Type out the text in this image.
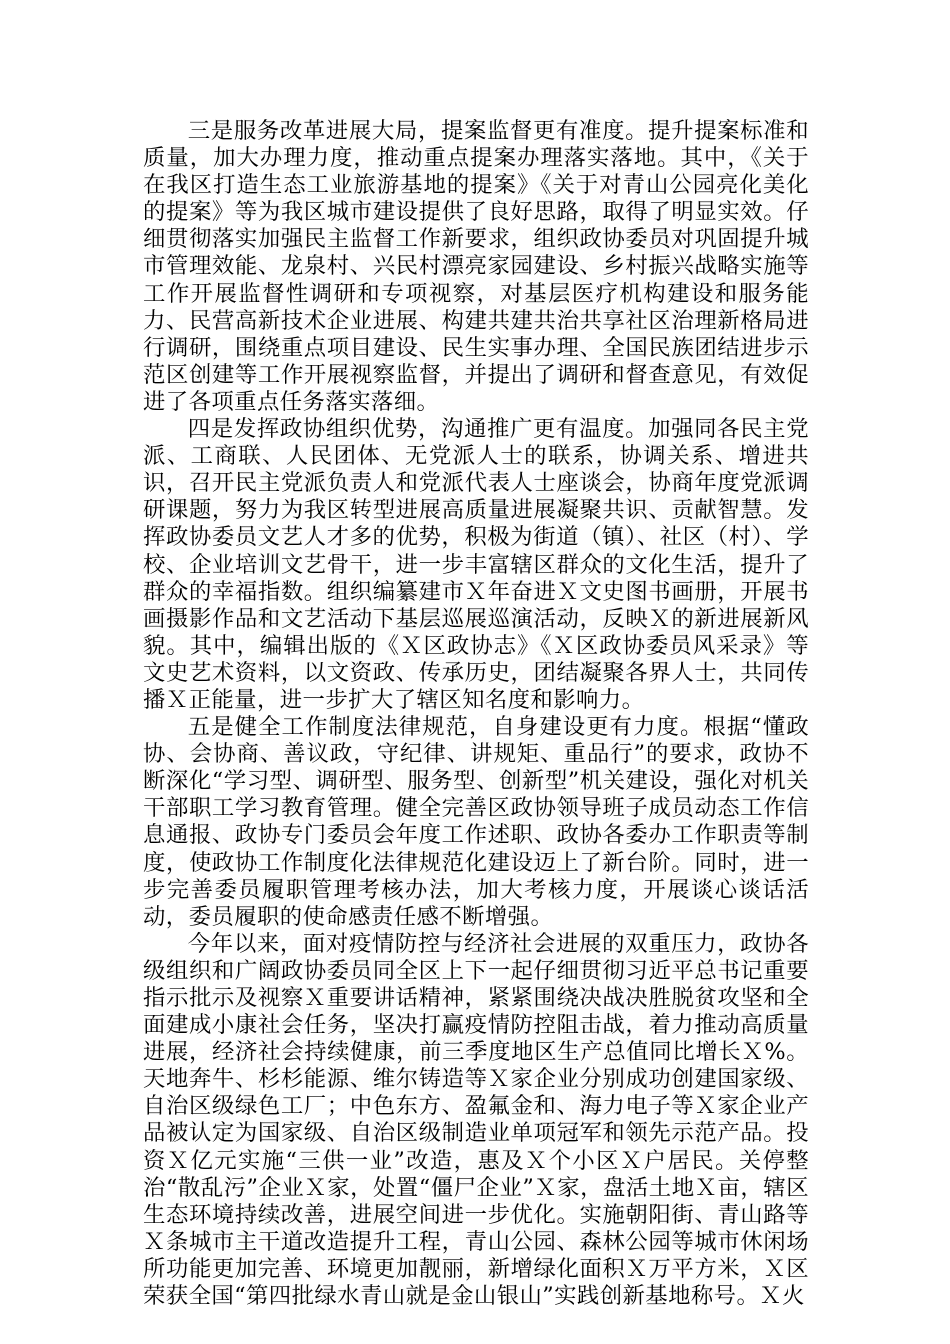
三是服务改革进展大局，提案监督更有准度。提升提案标准和质量，加大办理力度，推动重点提案办理落实落地。其中，《关于在我区打造生态工业旅游基地的提案》《关于对青山公园亮化美化的提案》等为我区城市建设提供了良好思路，取得了明显实效。仔细贯彻落实加强民主监督工作新要求，组织政协委员对巩固提升城市管理效能、龙泉村、兴民村漂亮家园建设、乡村振兴战略实施等工作开展监督性调研和专项视察，对基层医疗机构建设和服务能力、民营高新技术企业进展、构建共建共治共享社区治理新格局进行调研，围绕重点项目建设、民生实事办理、全国民族团结进步示范区创建等工作开展视察监督，并提出了调研和督查意见，有效促进了各项重点任务落实落细。

四是发挥政协组织优势，沟通推广更有温度。加强同各民主党派、工商联、人民团体、无党派人士的联系，协调关系、增进共识，召开民主党派负责人和党派代表人士座谈会，协商年度党派调研课题，努力为我区转型进展高质量进展凝聚共识、贡献智慧。发挥政协委员文艺人才多的优势，积极为街道（镇）、社区（村）、学校、企业培训文艺骨干，进一步丰富辖区群众的文化生活，提升了群众的幸福指数。组织编纂建市Ｘ年奋进Ｘ文史图书画册，开展书画摄影作品和文艺活动下基层巡展巡演活动，反映Ｘ的新进展新风貌。其中，编辑出版的《Ｘ区政协志》《Ｘ区政协委员风采录》等文史艺术资料，以文资政、传承历史，团结凝聚各界人士，共同传播Ｘ正能量，进一步扩大了辖区知名度和影响力。

五是健全工作制度法律规范，自身建设更有力度。根据“懂政协、会协商、善议政，守纪律、讲规矩、重品行”的要求，政协不断深化“学习型、调研型、服务型、创新型”机关建设，强化对机关干部职工学习教育管理。健全完善区政协领导班子成员动态工作信息通报、政协专门委员会年度工作述职、政协各委办工作职责等制度，使政协工作制度化法律规范化建设迈上了新台阶。同时，进一步完善委员履职管理考核办法，加大考核力度，开展谈心谈话活动，委员履职的使命感责任感不断增强。

今年以来，面对疫情防控与经济社会进展的双重压力，政协各级组织和广阔政协委员同全区上下一起仔细贯彻习近平总书记重要指示批示及视察Ｘ重要讲话精神，紧紧围绕决战决胜脱贫攻坚和全面建成小康社会任务，坚决打赢疫情防控阻击战，着力推动高质量进展，经济社会持续健康，前三季度地区生产总值同比增长Ｘ%。天地奔牛、杉杉能源、维尔铸造等Ｘ家企业分别成功创建国家级、自治区级绿色工厂；中色东方、盈氟金和、海力电子等Ｘ家企业产品被认定为国家级、自治区级制造业单项冠军和领先示范产品。投资Ｘ亿元实施“三供一业”改造，惠及Ｘ个小区Ｘ户居民。关停整治“散乱污”企业Ｘ家，处置“僵尸企业”Ｘ家，盘活土地Ｘ亩，辖区生态环境持续改善，进展空间进一步优化。实施朝阳街、青山路等Ｘ条城市主干道改造提升工程，青山公园、森林公园等城市休闲场所功能更加完善、环境更加靓丽，新增绿化面积Ｘ万平方米，Ｘ区荣获全国“第四批绿水青山就是金山银山”实践创新基地称号。Ｘ火
